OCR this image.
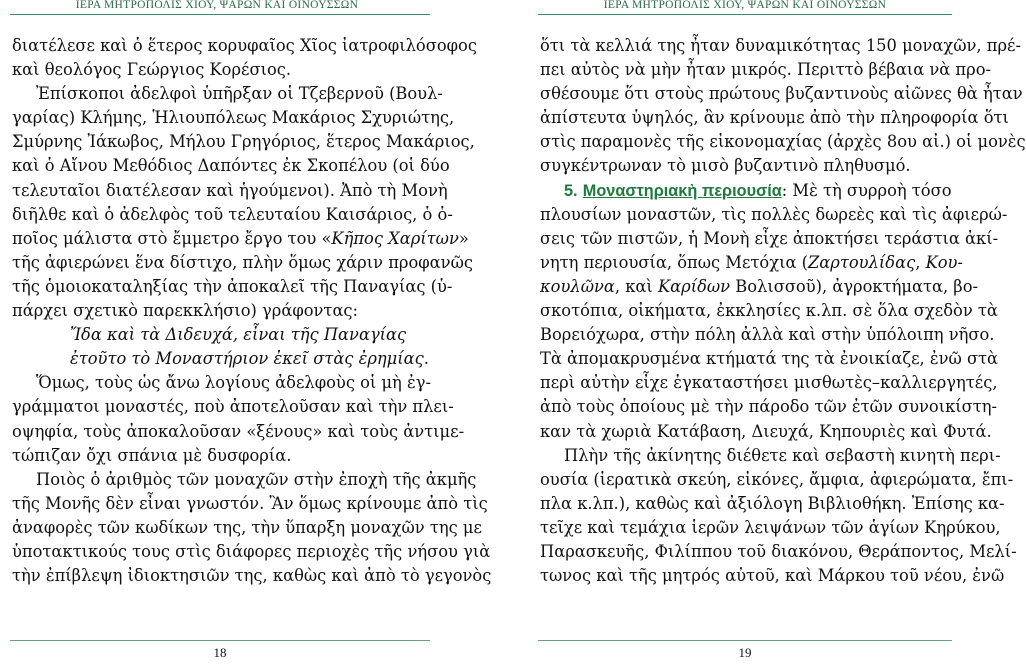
ΙΕΡΑ ΜΗΤΡΟΠΟΛΙΣ ΧΙΟΥ, ΨΑΡΩΝ ΚΑΙ ΟΙΝΟΥΣΣΩΝ
διατέλεσε καὶ ὁ ἕτερος κορυφαῖος Χῖος ἰατροφιλόσοφος
καὶ θεολόγος Γεώργιος Κορέσιος.
Ἐπίσκοποι ἀδελφοὶ ὑπῆρξαν οἱ Τζεβερνοῦ (Βουλ-
γαρίας) Κλήμης, Ἡλιουπόλεως Μακάριος Σχυριώτης,
Σμύρνης Ἰάκωβος, Μήλου Γρηγόριος, ἕτερος Μακάριος,
καὶ ὁ Αἴνου Μεθόδιος Δαπόντες ἐκ Σκοπέλου (οἱ δύο
τελευταῖοι διατέλεσαν καὶ ἡγούμενοι). Ἀπὸ τὴ Μονὴ
διῆλθε καὶ ὁ ἀδελφὸς τοῦ τελευταίου Καισάριος, ὁ ὁ-
ποῖος μάλιστα στὸ ἔμμετρο ἔργο του «Κῆπος Χαρίτων»
τῆς ἀφιερώνει ἕνα δίστιχο, πλὴν ὅμως χάριν προφανῶς
τῆς ὁμοιοκαταληξίας τὴν ἀποκαλεῖ τῆς Παναγίας (ὑ-
πάρχει σχετικὸ παρεκκλήσιο) γράφοντας:
Ἴδα καὶ τὰ Διδευχά, εἶναι τῆς Παναγίας
ἐτοῦτο τὸ Μοναστήριον ἐκεῖ στὰς ἐρημίας.
Ὅμως, τοὺς ὡς ἄνω λογίους ἀδελφοὺς οἱ μὴ ἐγ-
γράμματοι μοναστές, ποὺ ἀποτελοῦσαν καὶ τὴν πλει-
οψηφία, τοὺς ἀποκαλοῦσαν «ξένους» καὶ τοὺς ἀντιμε-
τώπιζαν ὄχι σπάνια μὲ δυσφορία.
Ποιὸς ὁ ἀριθμὸς τῶν μοναχῶν στὴν ἐποχὴ τῆς ἀκμῆς
τῆς Μονῆς δὲν εἶναι γνωστόν. Ἂν ὅμως κρίνουμε ἀπὸ τὶς
ἀναφορὲς τῶν κωδίκων της, τὴν ὕπαρξη μοναχῶν της με
ὑποτακτικούς τους στὶς διάφορες περιοχὲς τῆς νήσου γιὰ
τὴν ἐπίβλεψη ἰδιοκτησιῶν της, καθὼς καὶ ἀπὸ τὸ γεγονὸς
18
ΙΕΡΑ ΜΗΤΡΟΠΟΛΙΣ ΧΙΟΥ, ΨΑΡΩΝ ΚΑΙ ΟΙΝΟΥΣΣΩΝ
ὅτι τὰ κελλιά της ἦταν δυναμικότητας 150 μοναχῶν, πρέ-
πει αὐτὸς νὰ μὴν ἦταν μικρός. Περιττὸ βέβαια νὰ προ-
σθέσουμε ὅτι στοὺς πρώτους βυζαντινοὺς αἰῶνες θὰ ἦταν
ἀπίστευτα ὑψηλός, ἂν κρίνουμε ἀπὸ τὴν πληροφορία ὅτι
στὶς παραμονὲς τῆς εἰκονομαχίας (ἀρχὲς 8ου αἰ.) οἱ μονὲς
συγκέντρωναν τὸ μισὸ βυζαντινὸ πληθυσμό.
5. Μοναστηριακὴ περιουσία: Μὲ τὴ συρροὴ τόσο
πλουσίων μοναστῶν, τὶς πολλὲς δωρεὲς καὶ τὶς ἀφιερώ-
σεις τῶν πιστῶν, ἡ Μονὴ εἶχε ἀποκτήσει τεράστια ἀκί-
νητη περιουσία, ὅπως Μετόχια (Ζαρτουλίδας, Κου-
κουλῶνα, καὶ Καρίδων Βολισσοῦ), ἀγροκτήματα, βο-
σκοτόπια, οἰκήματα, ἐκκλησίες κ.λπ. σὲ ὅλα σχεδὸν τὰ
Βορειόχωρα, στὴν πόλη ἀλλὰ καὶ στὴν ὑπόλοιπη νῆσο.
Τὰ ἀπομακρυσμένα κτήματά της τὰ ἐνοικίαζε, ἐνῶ στὰ
περὶ αὐτὴν εἶχε ἐγκαταστήσει μισθωτὲς–καλλιεργητές,
ἀπὸ τοὺς ὁποίους μὲ τὴν πάροδο τῶν ἐτῶν συνοικίστη-
καν τὰ χωριὰ Κατάβαση, Διευχά, Κηπουριὲς καὶ Φυτά.
Πλὴν τῆς ἀκίνητης διέθετε καὶ σεβαστὴ κινητὴ περι-
ουσία (ἱερατικὰ σκεύη, εἰκόνες, ἄμφια, ἀφιερώματα, ἔπι-
πλα κ.λπ.), καθὼς καὶ ἀξιόλογη Βιβλιοθήκη. Ἐπίσης κα-
τεῖχε καὶ τεμάχια ἱερῶν λειψάνων τῶν ἁγίων Κηρύκου,
Παρασκευῆς, Φιλίππου τοῦ διακόνου, Θεράποντος, Μελί-
τωνος καὶ τῆς μητρός αὐτοῦ, καὶ Μάρκου τοῦ νέου, ἐνῶ
19
